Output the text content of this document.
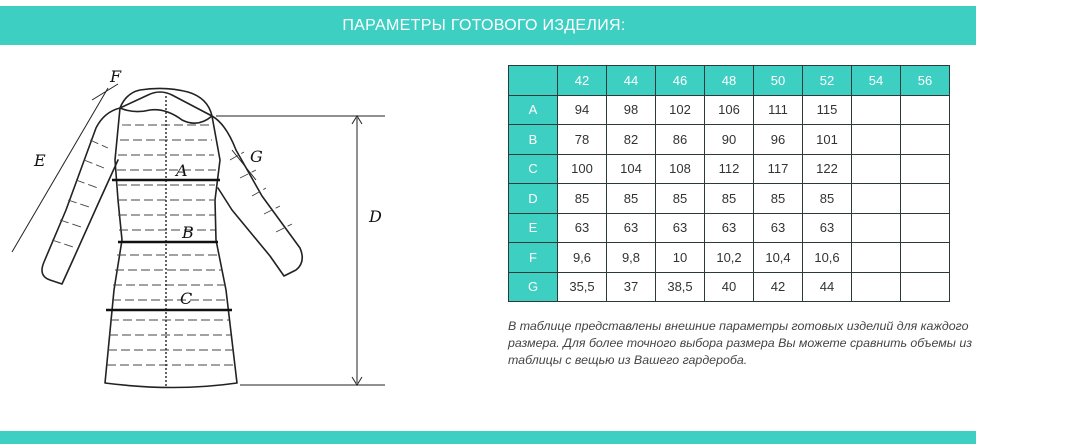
ПАРАМЕТРЫ ГОТОВОГО ИЗДЕЛИЯ:
A
B
C
D
E
F
G
	42	44	46	48	50	52	54	56
A	94	98	102	106	111	115		
B	78	82	86	90	96	101		
C	100	104	108	112	117	122		
D	85	85	85	85	85	85		
E	63	63	63	63	63	63		
F	9,6	9,8	10	10,2	10,4	10,6		
G	35,5	37	38,5	40	42	44		
В таблице представлены внешние параметры готовых изделий для каждого размера. Для более точного выбора размера Вы можете сравнить объемы из таблицы с вещью из Вашего гардероба.
